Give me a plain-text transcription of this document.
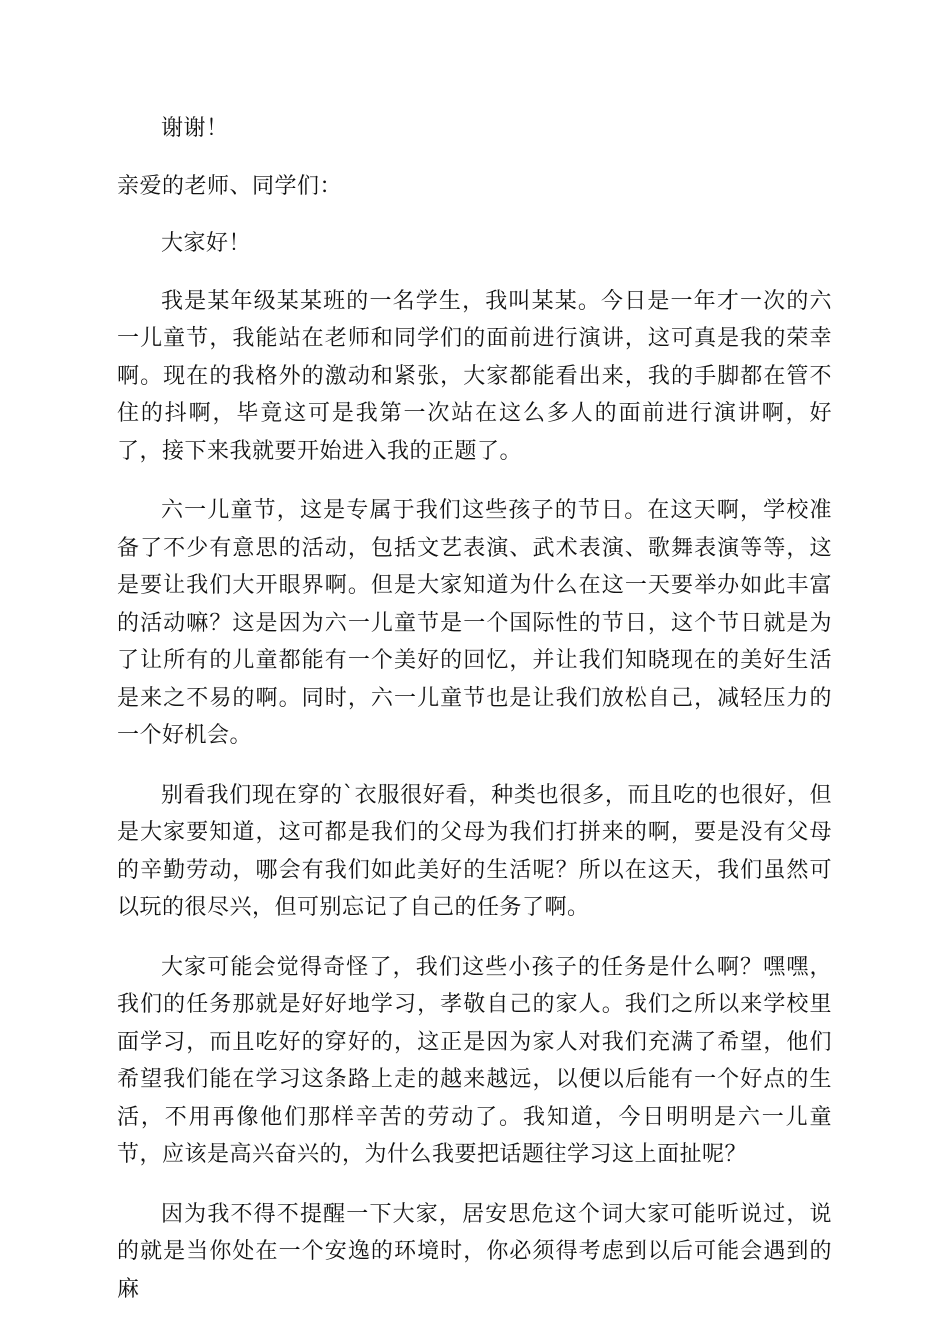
谢谢！

亲爱的老师、同学们：

大家好！

我是某年级某某班的一名学生，我叫某某。今日是一年才一次的六一儿童节，我能站在老师和同学们的面前进行演讲，这可真是我的荣幸啊。现在的我格外的激动和紧张，大家都能看出来，我的手脚都在管不住的抖啊，毕竟这可是我第一次站在这么多人的面前进行演讲啊，好了，接下来我就要开始进入我的正题了。

六一儿童节，这是专属于我们这些孩子的节日。在这天啊，学校准备了不少有意思的活动，包括文艺表演、武术表演、歌舞表演等等，这是要让我们大开眼界啊。但是大家知道为什么在这一天要举办如此丰富的活动嘛？这是因为六一儿童节是一个国际性的节日，这个节日就是为了让所有的儿童都能有一个美好的回忆，并让我们知晓现在的美好生活是来之不易的啊。同时，六一儿童节也是让我们放松自己，减轻压力的一个好机会。

别看我们现在穿的`衣服很好看，种类也很多，而且吃的也很好，但是大家要知道，这可都是我们的父母为我们打拼来的啊，要是没有父母的辛勤劳动，哪会有我们如此美好的生活呢？所以在这天，我们虽然可以玩的很尽兴，但可别忘记了自己的任务了啊。

大家可能会觉得奇怪了，我们这些小孩子的任务是什么啊？嘿嘿，我们的任务那就是好好地学习，孝敬自己的家人。我们之所以来学校里面学习，而且吃好的穿好的，这正是因为家人对我们充满了希望，他们希望我们能在学习这条路上走的越来越远，以便以后能有一个好点的生活，不用再像他们那样辛苦的劳动了。我知道，今日明明是六一儿童节，应该是高兴奋兴的，为什么我要把话题往学习这上面扯呢？

因为我不得不提醒一下大家，居安思危这个词大家可能听说过，说的就是当你处在一个安逸的环境时，你必须得考虑到以后可能会遇到的麻
